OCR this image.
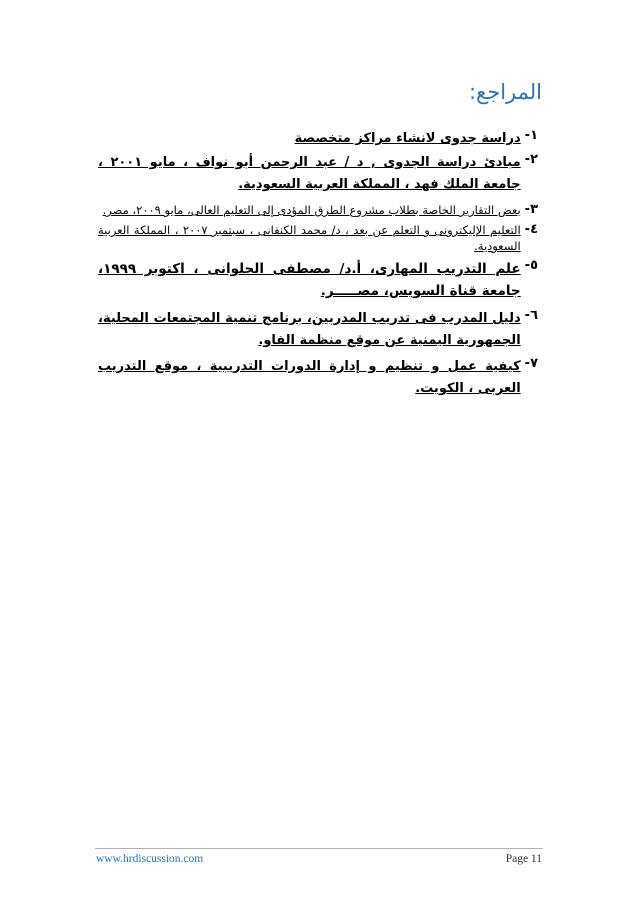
المراجع:
١-
دراسة جدوى لانشاء مراكز متخصصة
٢-
مبادئ دراسة الجدوى , د / عبد الرحمن أبو نواف ، مايو ٢٠٠١ ، جامعة الملك فهد ، المملكة العربية السعودية.
٣-
بعض التقارير الخاصة بطلاب مشروع الطرق المؤدى إلى التعليم العالى، مايو ٢٠٠٩، مصر.
٤-
التعليم الإليكترونى و التعلم عن بعد ، د/ محمد الكنفانى ، سبتمبر ٢٠٠٧ ، المملكة العربية السعودية.
٥-
علم التدريب المهارى، أ.د/ مصطفى الحلوانى ، اكتوبر ١٩٩٩، جامعة قناة السويس، مصـــــر.
٦-
دليل المدرب فى تدريب المدربين، برنامج تنمية المجتمعات المحلية، الجمهورية اليمنية عن موقع منظمة الفاو.
٧-
كيفية عمل و تنظيم و إدارة الدورات التدريبية ، موقع التدريب العربى ، الكويت.
www.hrdiscussion.com	Page 11
